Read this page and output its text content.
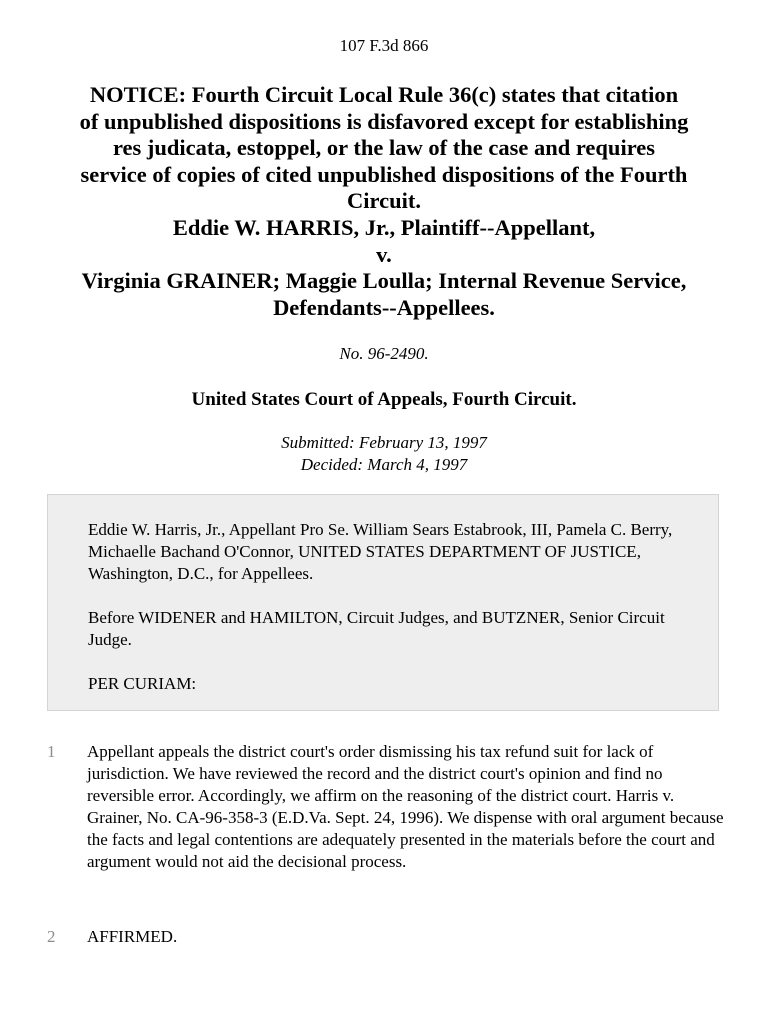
107 F.3d 866
NOTICE: Fourth Circuit Local Rule 36(c) states that citation
of unpublished dispositions is disfavored except for establishing
res judicata, estoppel, or the law of the case and requires
service of copies of cited unpublished dispositions of the Fourth
Circuit.
Eddie W. HARRIS, Jr., Plaintiff--Appellant,
v.
Virginia GRAINER; Maggie Loulla; Internal Revenue Service,
Defendants--Appellees.
No. 96-2490.
United States Court of Appeals, Fourth Circuit.
Submitted: February 13, 1997
Decided: March 4, 1997

Eddie W. Harris, Jr., Appellant Pro Se. William Sears Estabrook, III, Pamela C. Berry, Michaelle Bachand O'Connor, UNITED STATES DEPARTMENT OF JUSTICE, Washington, D.C., for Appellees.

Before WIDENER and HAMILTON, Circuit Judges, and BUTZNER, Senior Circuit Judge.

PER CURIAM:

1	Appellant appeals the district court's order dismissing his tax refund suit for lack of jurisdiction. We have reviewed the record and the district court's opinion and find no reversible error. Accordingly, we affirm on the reasoning of the district court. Harris v. Grainer, No. CA-96-358-3 (E.D.Va. Sept. 24, 1996). We dispense with oral argument because the facts and legal contentions are adequately presented in the materials before the court and argument would not aid the decisional process.

2	AFFIRMED.
